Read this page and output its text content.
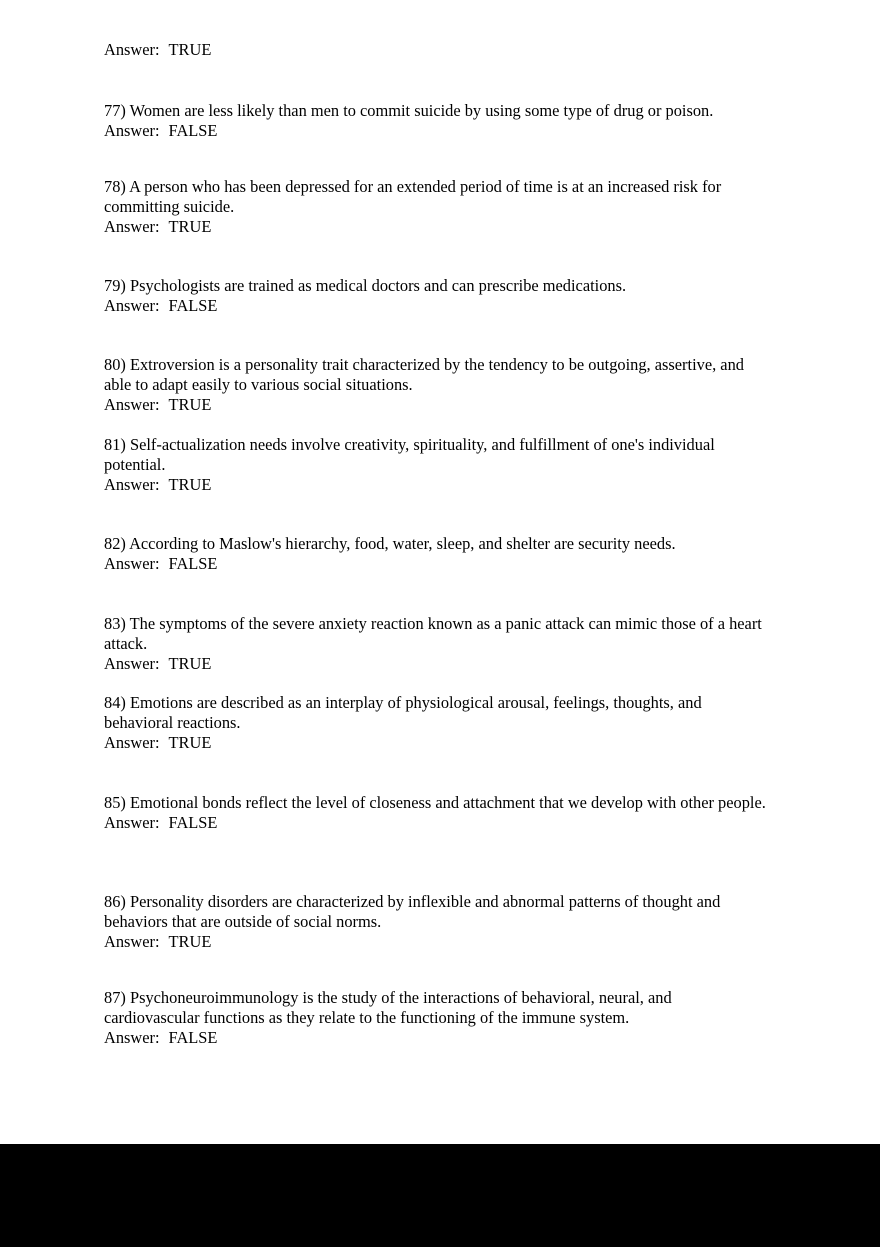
Answer: TRUE
77) Women are less likely than men to commit suicide by using some type of drug or poison.
Answer: FALSE
78) A person who has been depressed for an extended period of time is at an increased risk for committing suicide.
Answer: TRUE
79) Psychologists are trained as medical doctors and can prescribe medications.
Answer: FALSE
80) Extroversion is a personality trait characterized by the tendency to be outgoing, assertive, and able to adapt easily to various social situations.
Answer: TRUE
81) Self-actualization needs involve creativity, spirituality, and fulfillment of one's individual potential.
Answer: TRUE
82) According to Maslow's hierarchy, food, water, sleep, and shelter are security needs.
Answer: FALSE
83) The symptoms of the severe anxiety reaction known as a panic attack can mimic those of a heart attack.
Answer: TRUE
84) Emotions are described as an interplay of physiological arousal, feelings, thoughts, and behavioral reactions.
Answer: TRUE
85) Emotional bonds reflect the level of closeness and attachment that we develop with other people.
Answer: FALSE
86) Personality disorders are characterized by inflexible and abnormal patterns of thought and behaviors that are outside of social norms.
Answer: TRUE
87) Psychoneuroimmunology is the study of the interactions of behavioral, neural, and cardiovascular functions as they relate to the functioning of the immune system.
Answer: FALSE
